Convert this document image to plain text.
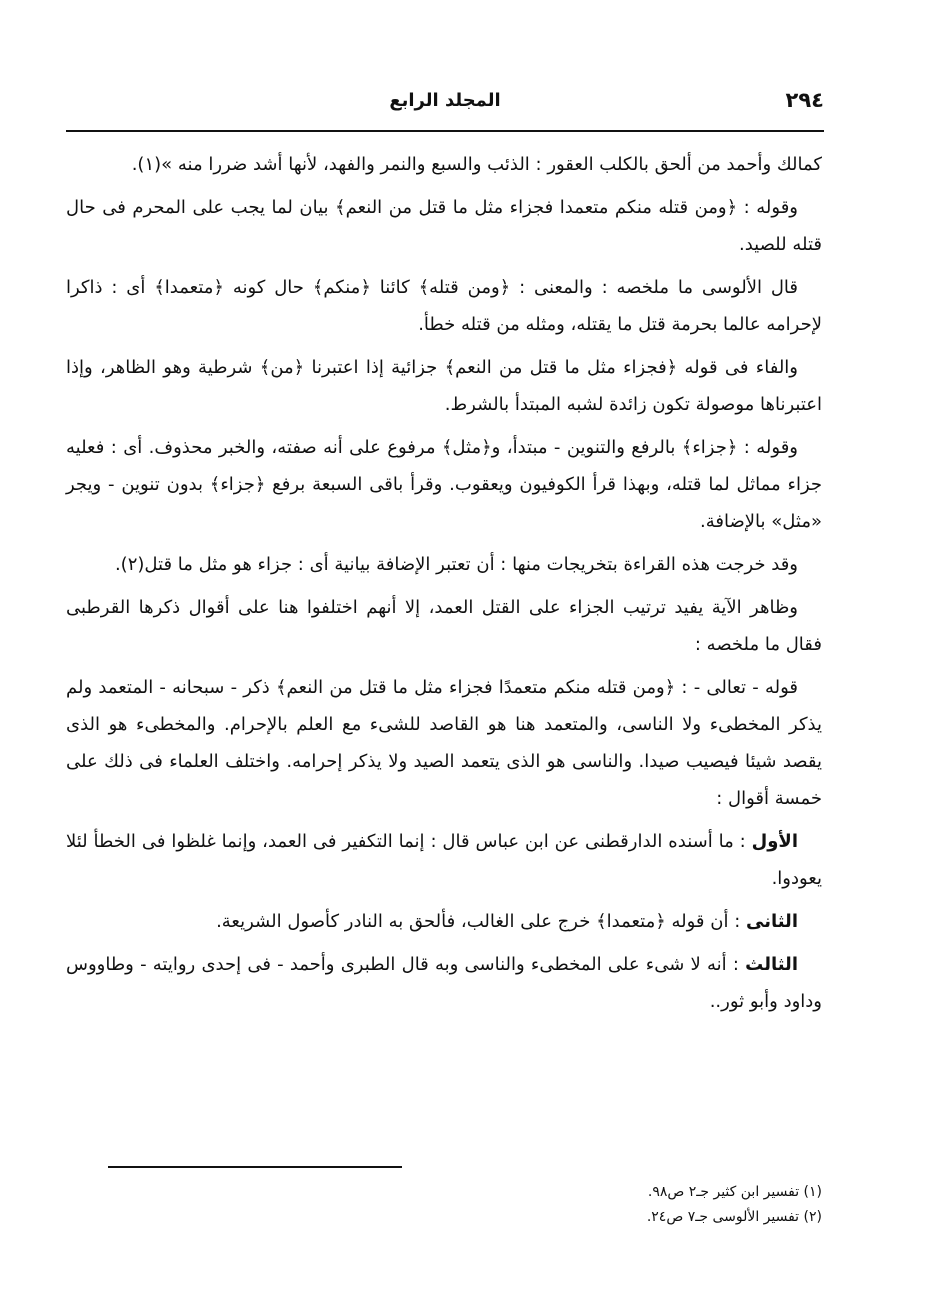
٢٩٤
المجلد الرابع

كمالك وأحمد من ألحق بالكلب العقور : الذئب والسبع والنمر والفهد، لأنها أشد ضررا منه »(١).

وقوله : ﴿ومن قتله منكم متعمدا فجزاء مثل ما قتل من النعم﴾ بيان لما يجب على المحرم فى حال قتله للصيد.

قال الألوسى ما ملخصه : والمعنى : ﴿ومن قتله﴾ كائنا ﴿منكم﴾ حال كونه ﴿متعمدا﴾ أى : ذاكرا لإحرامه عالما بحرمة قتل ما يقتله، ومثله من قتله خطأ.

والفاء فى قوله ﴿فجزاء مثل ما قتل من النعم﴾ جزائية إذا اعتبرنا ﴿من﴾ شرطية وهو الظاهر، وإذا اعتبرناها موصولة تكون زائدة لشبه المبتدأ بالشرط.

وقوله : ﴿جزاء﴾ بالرفع والتنوين - مبتدأ، و﴿مثل﴾ مرفوع على أنه صفته، والخبر محذوف. أى : فعليه جزاء مماثل لما قتله، وبهذا قرأ الكوفيون ويعقوب. وقرأ باقى السبعة برفع ﴿جزاء﴾ بدون تنوين - ويجر «مثل» بالإضافة.

وقد خرجت هذه القراءة بتخريجات منها : أن تعتبر الإضافة بيانية أى : جزاء هو مثل ما قتل(٢).

وظاهر الآية يفيد ترتيب الجزاء على القتل العمد، إلا أنهم اختلفوا هنا على أقوال ذكرها القرطبى فقال ما ملخصه :

قوله - تعالى - : ﴿ومن قتله منكم متعمدًا فجزاء مثل ما قتل من النعم﴾ ذكر - سبحانه - المتعمد ولم يذكر المخطىء ولا الناسى، والمتعمد هنا هو القاصد للشىء مع العلم بالإحرام. والمخطىء هو الذى يقصد شيئا فيصيب صيدا. والناسى هو الذى يتعمد الصيد ولا يذكر إحرامه. واختلف العلماء فى ذلك على خمسة أقوال :

الأول : ما أسنده الدارقطنى عن ابن عباس قال : إنما التكفير فى العمد، وإنما غلظوا فى الخطأ لئلا يعودوا.

الثانى : أن قوله ﴿متعمدا﴾ خرج على الغالب، فألحق به النادر كأصول الشريعة.

الثالث : أنه لا شىء على المخطىء والناسى وبه قال الطبرى وأحمد - فى إحدى روايته - وطاووس وداود وأبو ثور..

(١) تفسير ابن كثير جـ٢ ص٩٨.

(٢) تفسير الألوسى جـ٧ ص٢٤.
